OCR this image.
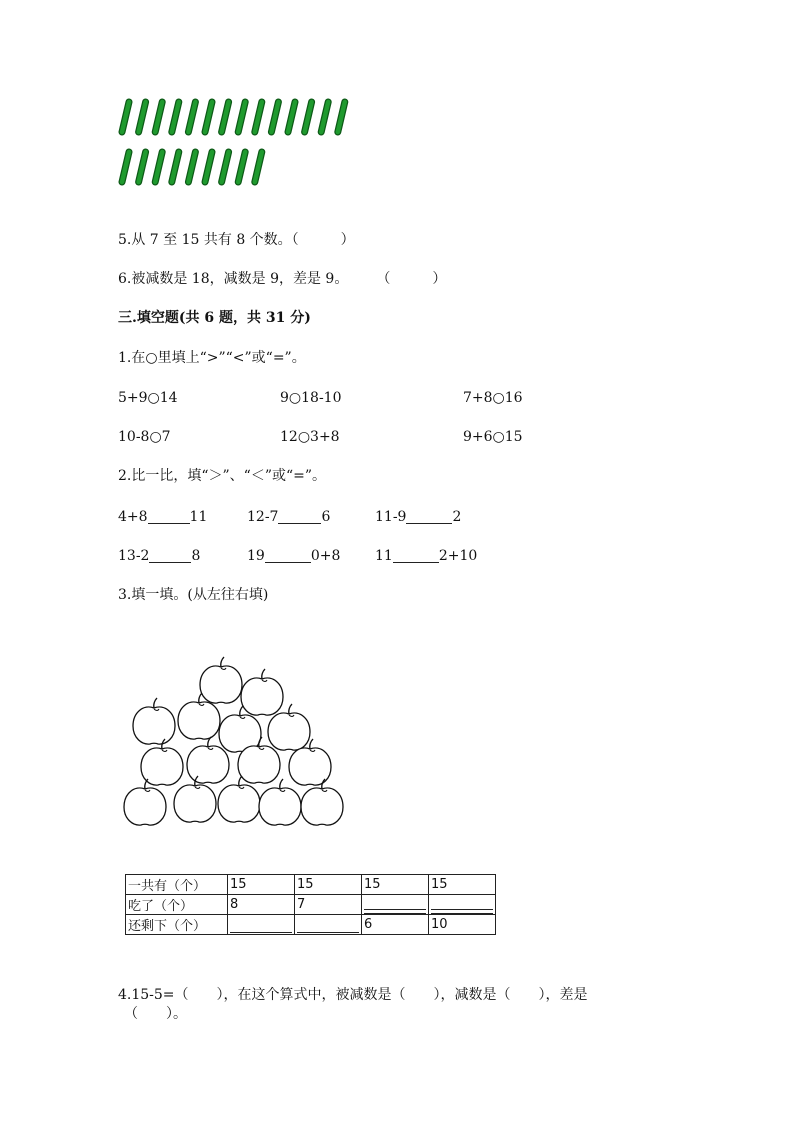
5.从 7 至 15 共有 8 个数。（　　　）
6.被减数是 18，减数是 9，差是 9。　　　（　　　）
三.填空题(共 6 题，共 31 分)
1.在○里填上“>”“<”或“=”。
5+9○14	9○18-10	7+8○16
10-8○7	12○3+8	9+6○15
2.比一比，填“＞”、“＜”或“=”。
4+8	11	12-7	6	11-9	2
13-2	8	19	0+8 11	2+10
3.填一填。(从左往右填)
一共有（个）	15	15	15	15
吃了（个）	8	7	

还剩下（个）			6	10
4.15-5=（　　），在这个算式中，被减数是（　　），减数是（　　），差是
（　　）。
